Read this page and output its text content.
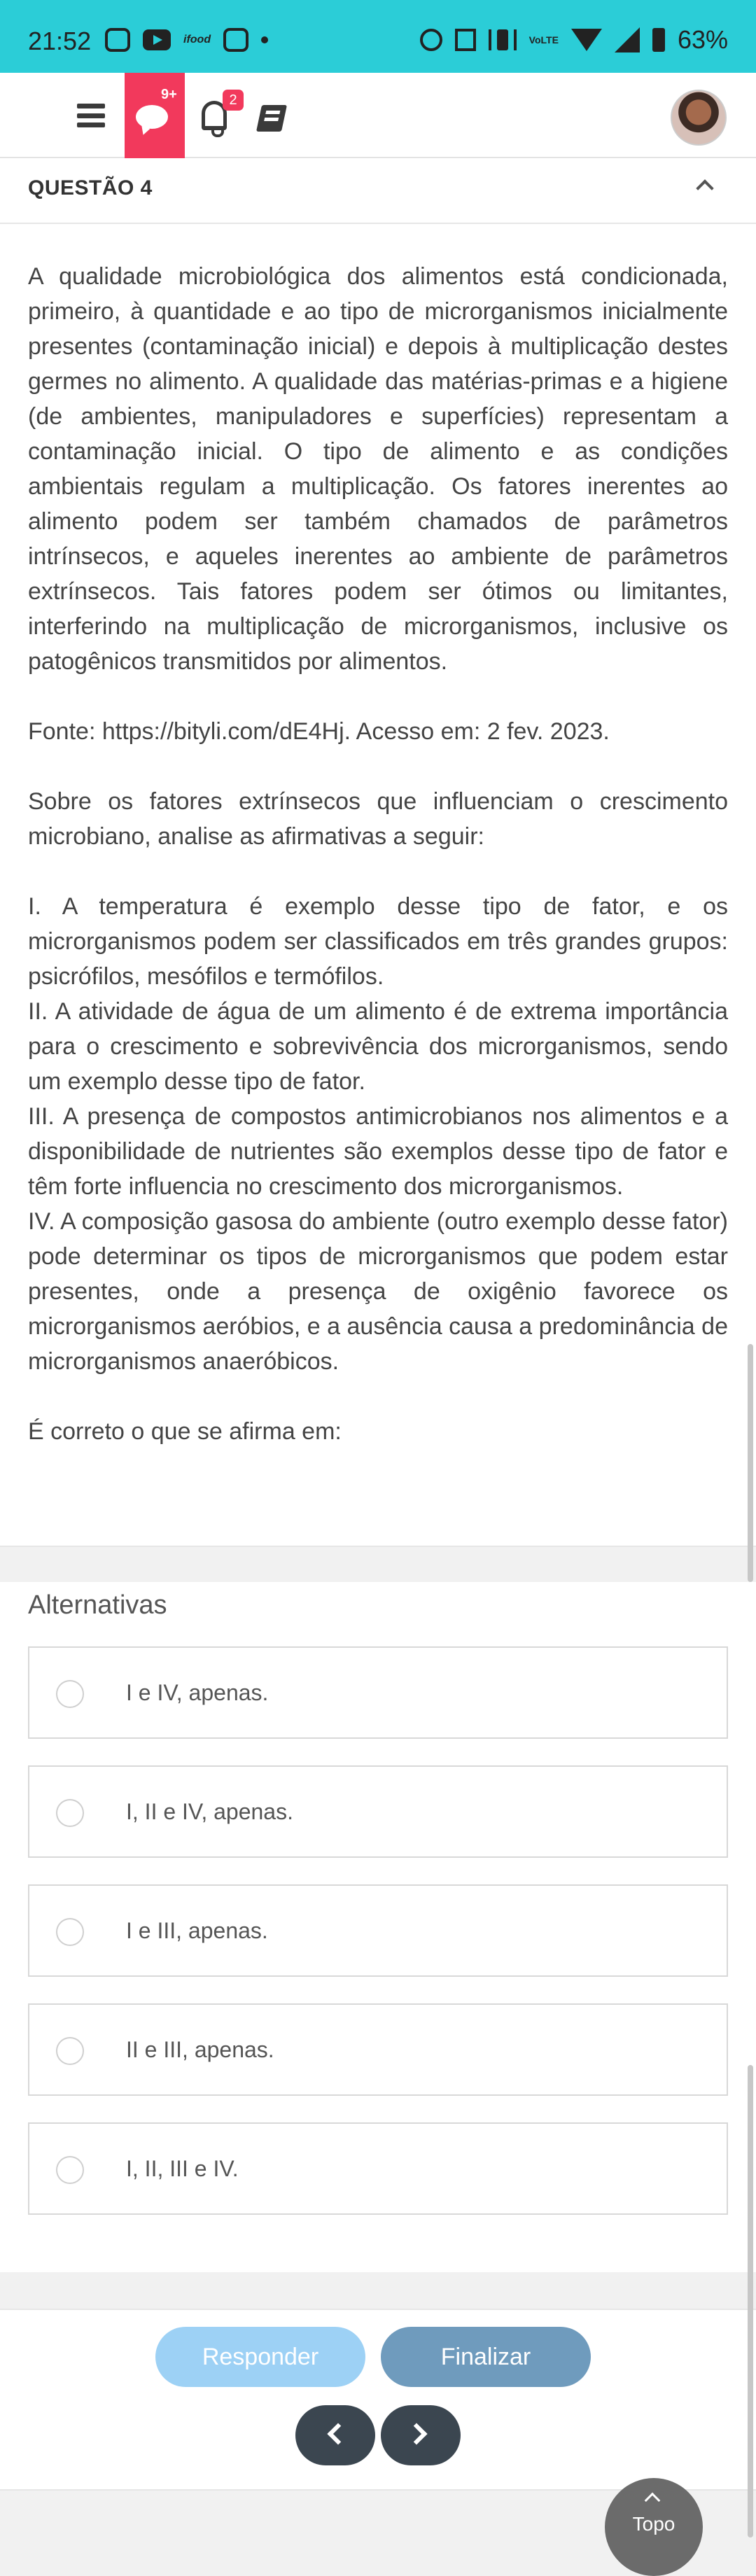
21:52	ifood	VoLTE	63%
9+	2
QUESTÃO 4

A qualidade microbiológica dos alimentos está condicionada, primeiro, à quantidade e ao tipo de microrganismos inicialmente presentes (contaminação inicial) e depois à multiplicação destes germes no alimento. A qualidade das matérias-primas e a higiene (de ambientes, manipuladores e superfícies) representam a contaminação inicial. O tipo de alimento e as condições ambientais regulam a multiplicação. Os fatores inerentes ao alimento podem ser também chamados de parâmetros intrínsecos, e aqueles inerentes ao ambiente de parâmetros extrínsecos. Tais fatores podem ser ótimos ou limitantes, interferindo na multiplicação de microrganismos, inclusive os patogênicos transmitidos por alimentos.

Fonte: https://bityli.com/dE4Hj. Acesso em: 2 fev. 2023.

Sobre os fatores extrínsecos que influenciam o crescimento microbiano, analise as afirmativas a seguir:

I. A temperatura é exemplo desse tipo de fator, e os microrganismos podem ser classificados em três grandes grupos: psicrófilos, mesófilos e termófilos.

II. A atividade de água de um alimento é de extrema importância para o crescimento e sobrevivência dos microrganismos, sendo um exemplo desse tipo de fator.

III. A presença de compostos antimicrobianos nos alimentos e a disponibilidade de nutrientes são exemplos desse tipo de fator e têm forte influencia no crescimento dos microrganismos.

IV. A composição gasosa do ambiente (outro exemplo desse fator) pode determinar os tipos de microrganismos que podem estar presentes, onde a presença de oxigênio favorece os microrganismos aeróbios, e a ausência causa a predominância de microrganismos anaeróbicos.

É correto o que se afirma em:

Alternativas
I e IV, apenas.
I, II e IV, apenas.
I e III, apenas.
II e III, apenas.
I, II, III e IV.
Responder	Finalizar
Topo
